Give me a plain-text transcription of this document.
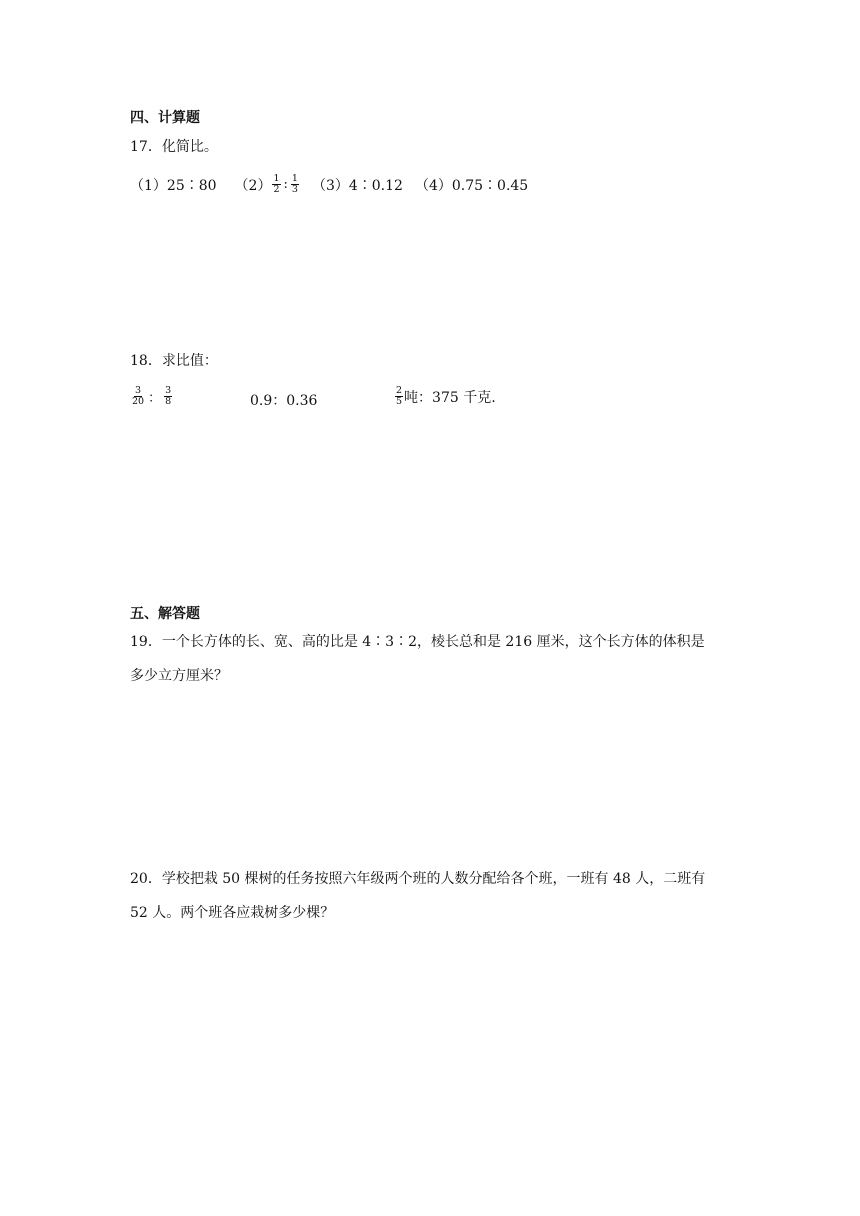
四、计算题
17．化简比。
（1）25∶80 $(2) \frac{1}{2}$ : $\frac{1}{3}$ （3）4∶0.12 （4）0.75∶0.45
18．求比值：
$\frac{3}{20}$ ： $\frac{3}{8}$	0.9：0.36	$\frac{2}{5}$ 吨：375 千克.
五、解答题
19．一个长方体的长、宽、高的比是 4∶3∶2，棱长总和是 216 厘米，这个长方体的体积是
多少立方厘米？
20．学校把栽 50 棵树的任务按照六年级两个班的人数分配给各个班，一班有 48 人，二班有
52 人。两个班各应栽树多少棵？
